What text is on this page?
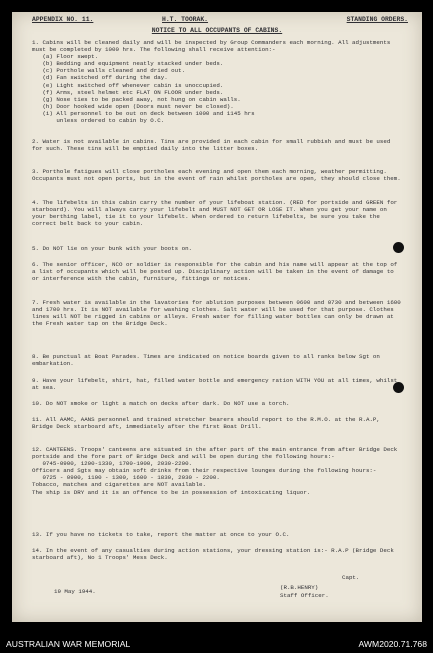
APPENDIX NO. 11.	H.T. TOORAK.	STANDING ORDERS.
NOTICE TO ALL OCCUPANTS OF CABINS.
1. Cabins will be cleaned daily and will be inspected by Group Commanders each morning. All adjustments must be completed by 1000 hrs. The following shall receive attention:-
(a) Floor swept.
(b) Bedding and equipment neatly stacked under beds.
(c) Porthole walls cleaned and dried out.
(d) Fan switched off during the day.
(e) Light switched off whenever cabin is unoccupied.
(f) Arms, steel helmet etc FLAT ON FLOOR under beds.
(g) Nose ties to be packed away, not hung on cabin walls.
(h) Door hooked wide open (Doors must never be closed).
(i) All personnel to be out on deck between 1000 and 1145 hrs
unless ordered to cabin by O.C.
2. Water is not available in cabins. Tins are provided in each cabin for small rubbish and must be used for such. These tins will be emptied daily into the litter boxes.
3. Porthole fatigues will close portholes each evening and open them each morning, weather permitting. Occupants must not open ports, but in the event of rain whilst portholes are open, they should close them.
4. The lifebelts in this cabin carry the number of your lifeboat station. (RED for portside and GREEN for starboard). You will always carry your lifebelt and MUST NOT GET OR LOSE IT. When you get your name on your berthing label, tie it to your lifebelt. When ordered to return lifebelts, be sure you take the correct belt back to your cabin.
5. Do NOT lie on your bunk with your boots on.
6. The senior officer, NCO or soldier is responsible for the cabin and his name will appear at the top of a list of occupants which will be posted up. Disciplinary action will be taken in the event of damage to or interference with the cabin, furniture, fittings or notices.
7. Fresh water is available in the lavatories for ablution purposes between 0600 and 0730 and between 1600 and 1700 hrs. It is NOT available for washing clothes. Salt water will be used for that purpose. Clothes lines will NOT be rigged in cabins or alleys. Fresh water for filling water bottles can only be drawn at the Fresh water tap on the Bridge Deck.
8. Be punctual at Boat Parades. Times are indicated on notice boards given to all ranks below Sgt on embarkation.
9. Have your lifebelt, shirt, hat, filled water bottle and emergency ration WITH YOU at all times, whilst at sea.
10. Do NOT smoke or light a match on decks after dark. Do NOT use a torch.
11. All AAMC, AANS personnel and trained stretcher bearers should report to the R.M.O. at the R.A.P, Bridge Deck starboard aft, immediately after the first Boat Drill.
12. CANTEENS. Troops' canteens are situated in the after part of the main entrance from after Bridge Deck portside and the fore part of Bridge Deck and will be open during the following hours:-
0745-0900, 1200-1330, 1700-1900, 2030-2200.
Officers and Sgts may obtain soft drinks from their respective lounges during the following hours:-
0725 - 0900, 1100 - 1300, 1600 - 1830, 2030 - 2200.
Tobacco, matches and cigarettes are NOT available.
The ship is DRY and it is an offence to be in possession of intoxicating liquor.
13. If you have no tickets to take, report the matter at once to your O.C.
14. In the event of any casualties during action stations, your dressing station is:- R.A.P (Bridge Deck starboard aft), No 1 Troops' Mess Deck.
Capt.
(R.B.HENRY)
Staff Officer.
19 May 1944.
AUSTRALIAN WAR MEMORIAL	AWM2020.71.768
